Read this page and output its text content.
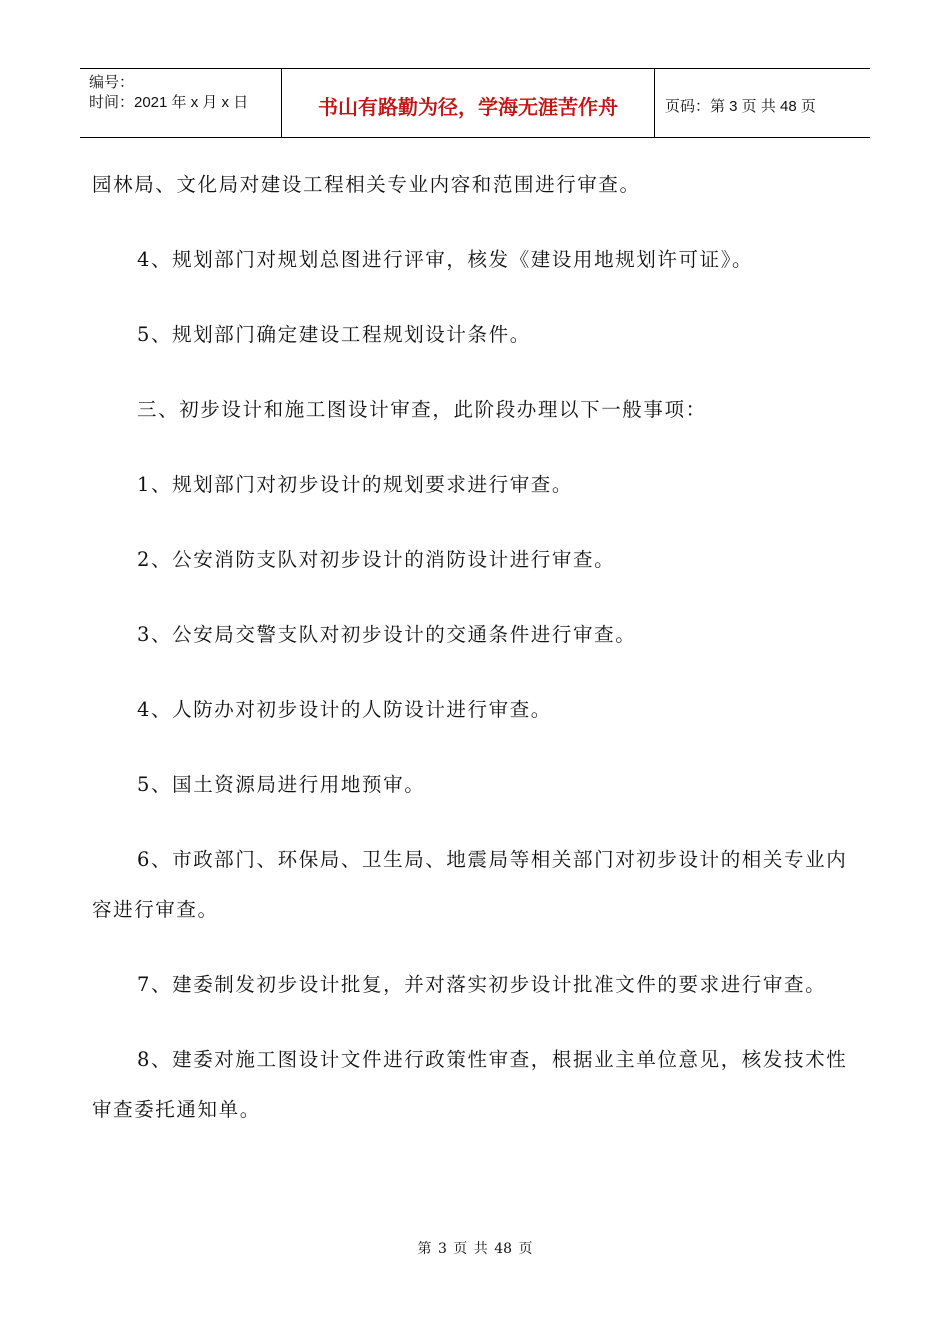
编号：
时间：2021 年 x 月 x 日	书山有路勤为径，学海无涯苦作舟	页码：第 3 页 共 48 页

园林局、文化局对建设工程相关专业内容和范围进行审查。

4、规划部门对规划总图进行评审，核发《建设用地规划许可证》。

5、规划部门确定建设工程规划设计条件。

三、初步设计和施工图设计审查，此阶段办理以下一般事项：

1、规划部门对初步设计的规划要求进行审查。

2、公安消防支队对初步设计的消防设计进行审查。

3、公安局交警支队对初步设计的交通条件进行审查。

4、人防办对初步设计的人防设计进行审查。

5、国土资源局进行用地预审。

6、市政部门、环保局、卫生局、地震局等相关部门对初步设计的相关专业内容进行审查。

7、建委制发初步设计批复，并对落实初步设计批准文件的要求进行审查。

8、建委对施工图设计文件进行政策性审查，根据业主单位意见，核发技术性审查委托通知单。

第 3 页 共 48 页
